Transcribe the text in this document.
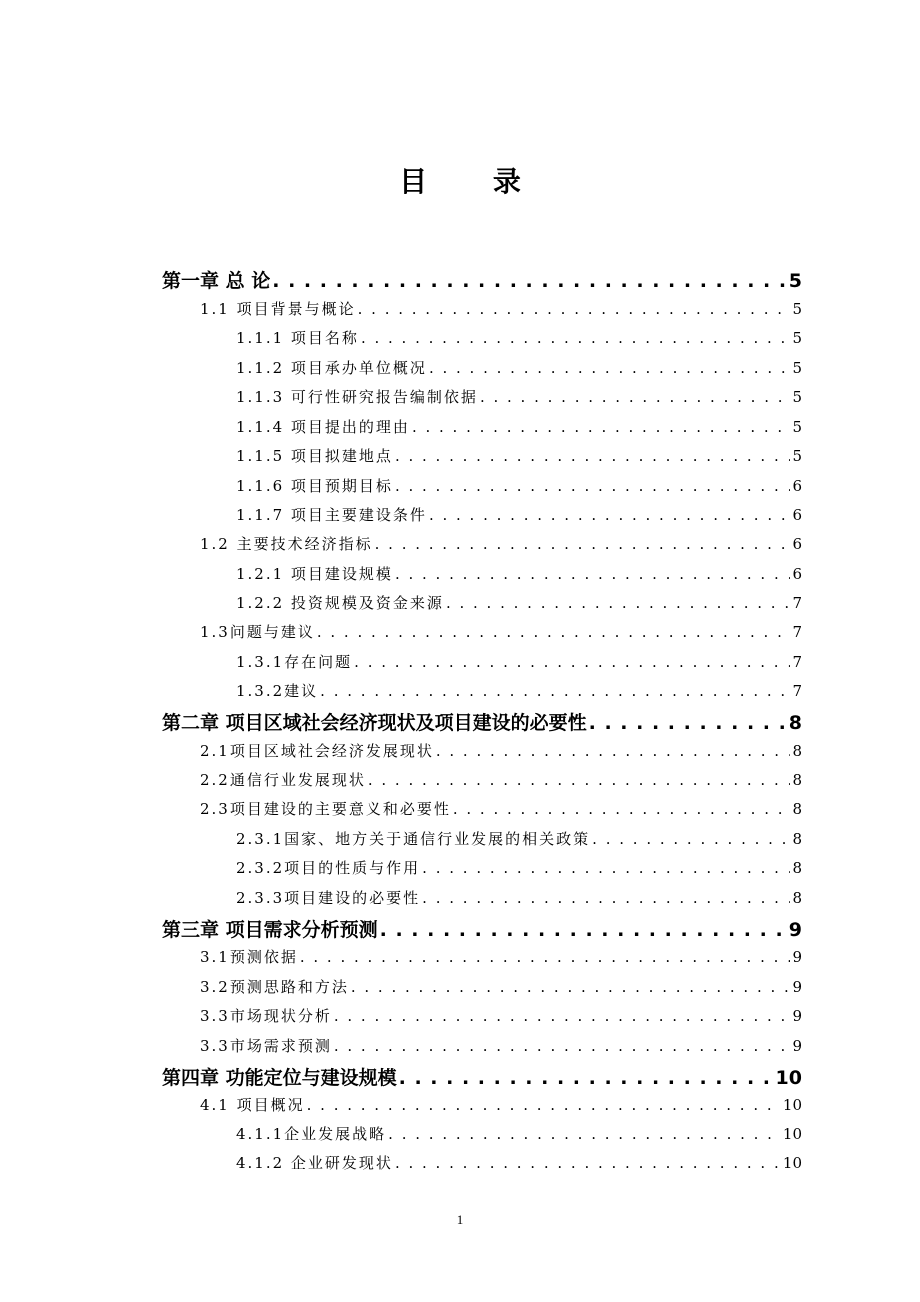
目 录
第一章 总 论 . . .	5
1.1 项目背景与概论 . . .	5
1.1.1 项目名称 . . .	5
1.1.2 项目承办单位概况 . . .	5
1.1.3 可行性研究报告编制依据 . . .	5
1.1.4 项目提出的理由 . . .	5
1.1.5 项目拟建地点 . . .	5
1.1.6 项目预期目标 . . .	6
1.1.7 项目主要建设条件 . . .	6
1.2 主要技术经济指标 . . .	6
1.2.1 项目建设规模 . . .	6
1.2.2 投资规模及资金来源 . . .	7
1.3问题与建议 . . .	7
1.3.1存在问题 . . .	7
1.3.2建议 . . .	7
第二章 项目区域社会经济现状及项目建设的必要性 . . .	8
2.1项目区域社会经济发展现状 . . .	8
2.2通信行业发展现状 . . .	8
2.3项目建设的主要意义和必要性 . . .	8
2.3.1国家、地方关于通信行业发展的相关政策 . . .	8
2.3.2项目的性质与作用 . . .	8
2.3.3项目建设的必要性 . . .	8
第三章 项目需求分析预测 . . .	9
3.1预测依据 . . .	9
3.2预测思路和方法 . . .	9
3.3市场现状分析 . . .	9
3.3市场需求预测 . . .	9
第四章 功能定位与建设规模 . . .	10
4.1 项目概况 . . .	10
4.1.1企业发展战略 . . .	10
4.1.2 企业研发现状 . . .	10
1
